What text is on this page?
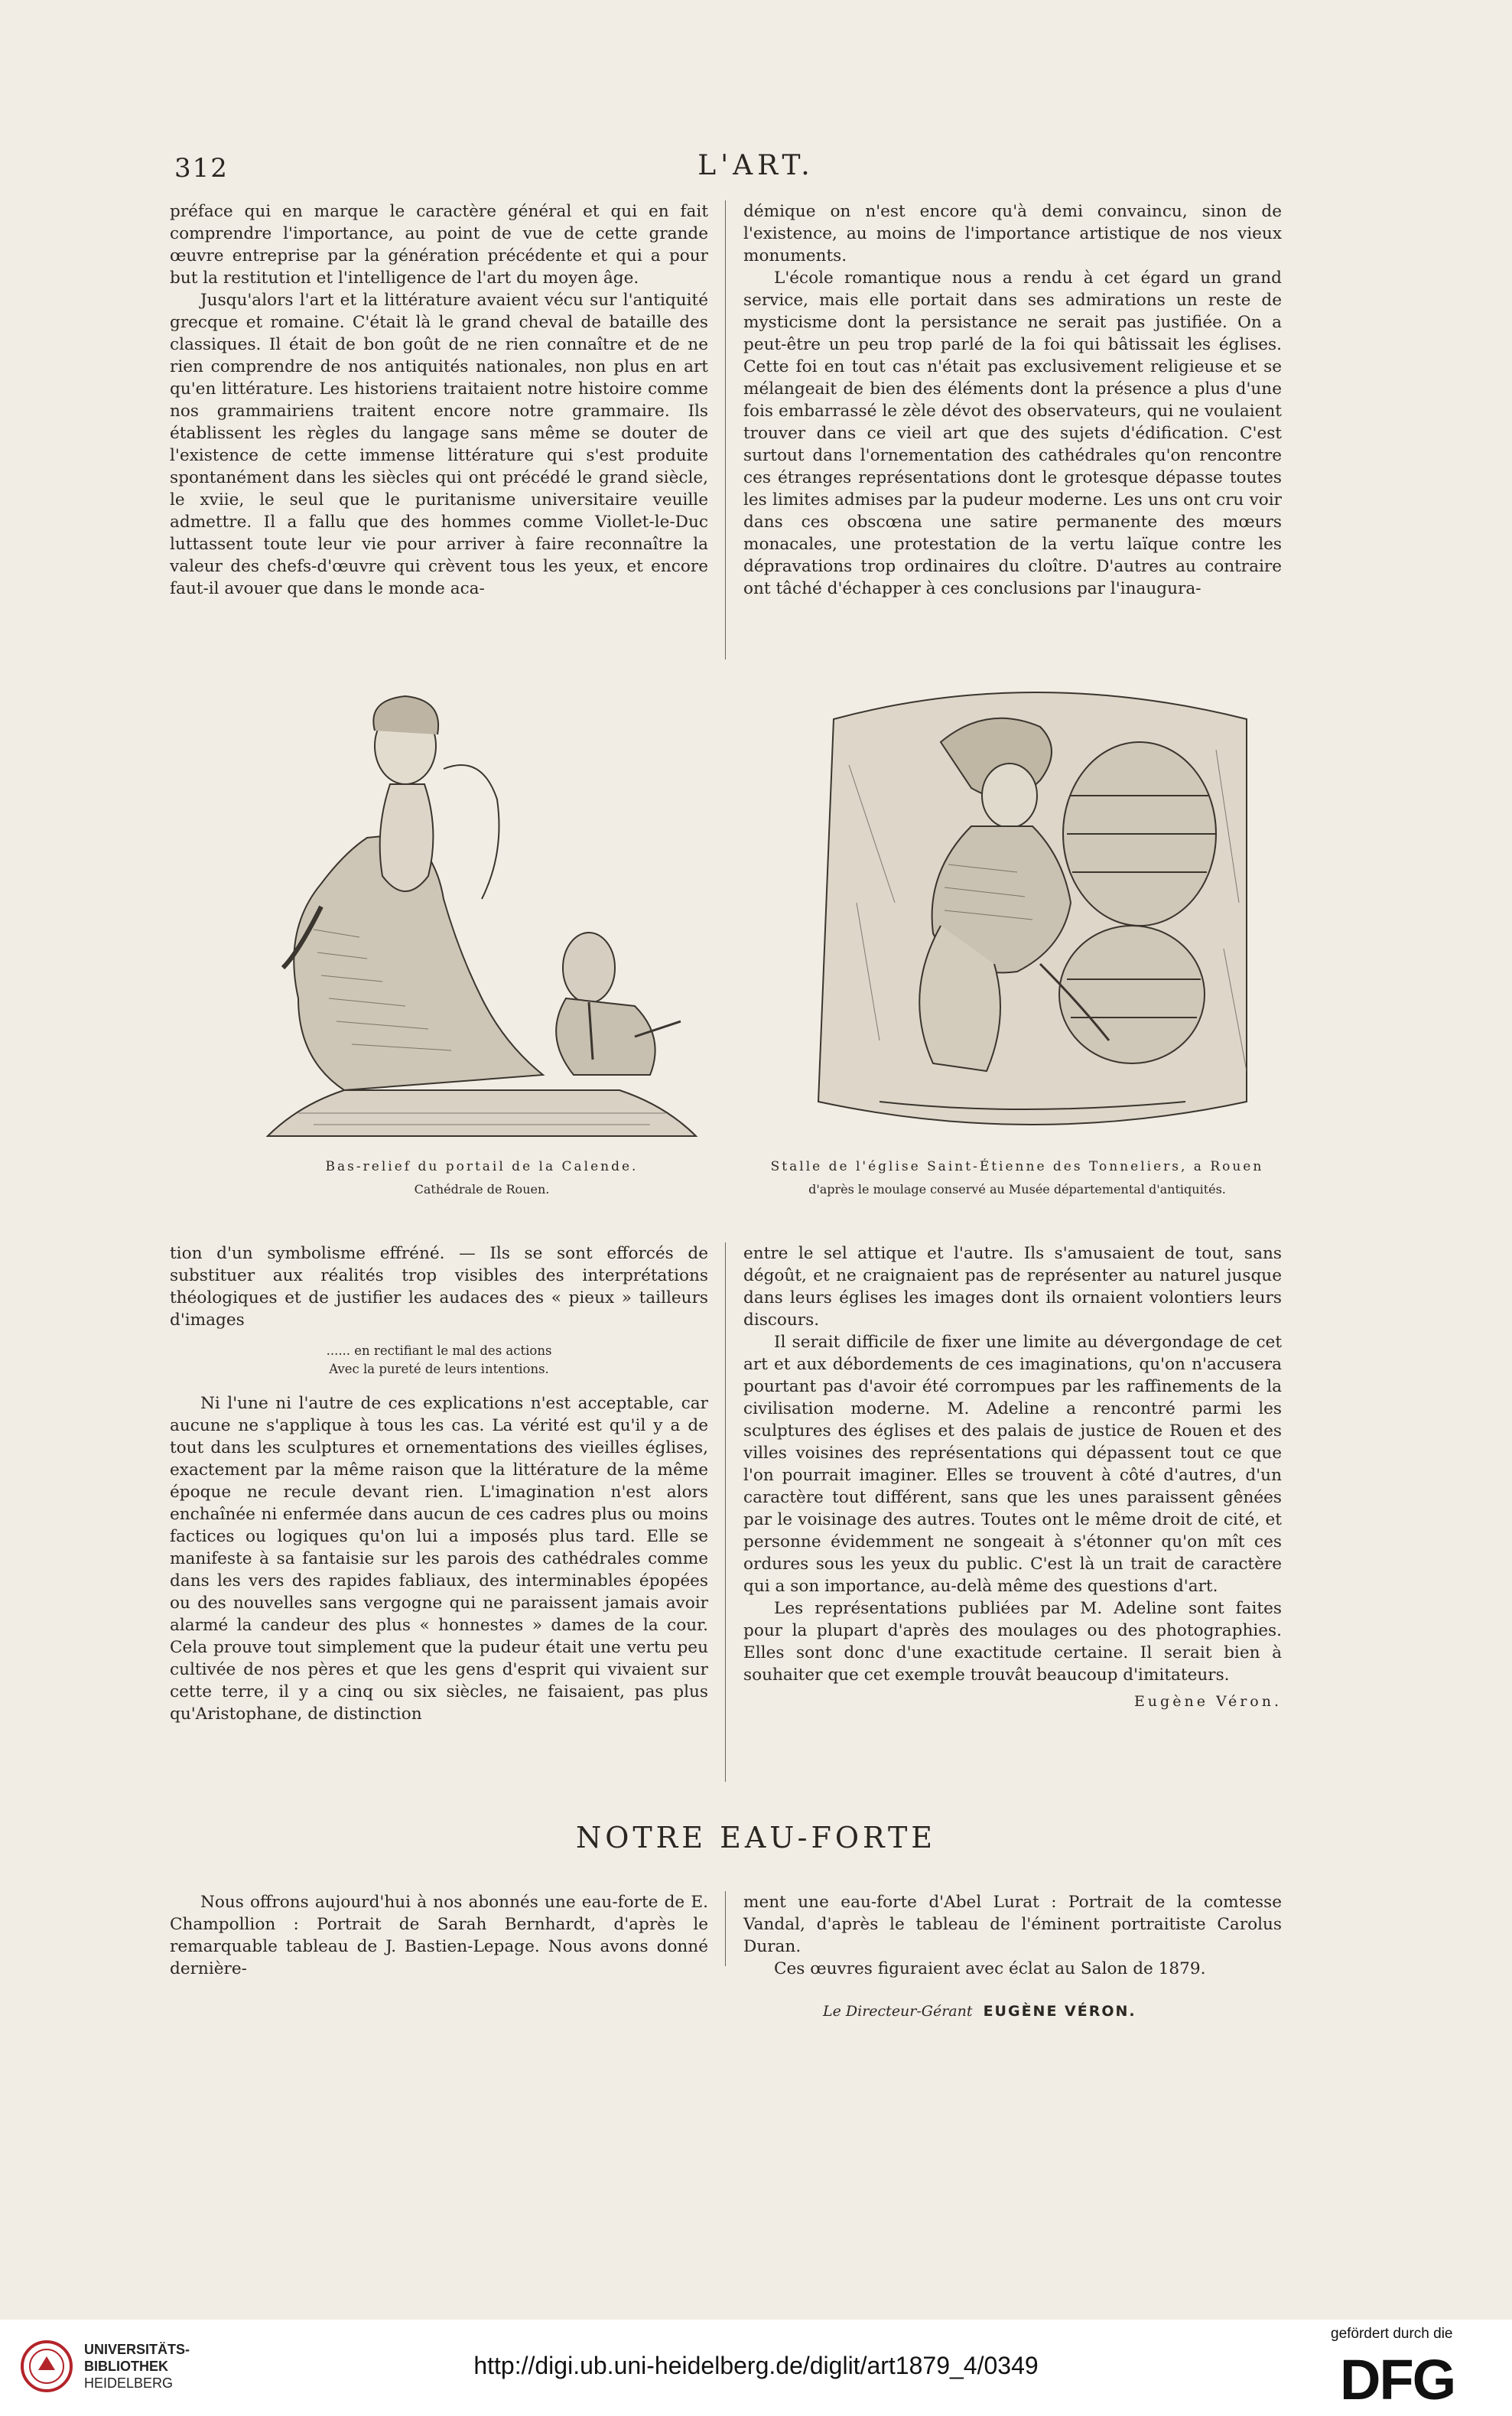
312	L'ART.

préface qui en marque le caractère général et qui en fait comprendre l'importance, au point de vue de cette grande œuvre entreprise par la génération précédente et qui a pour but la restitution et l'intelligence de l'art du moyen âge.

Jusqu'alors l'art et la littérature avaient vécu sur l'antiquité grecque et romaine. C'était là le grand cheval de bataille des classiques. Il était de bon goût de ne rien connaître et de ne rien comprendre de nos antiquités nationales, non plus en art qu'en littérature. Les historiens traitaient notre histoire comme nos grammairiens traitent encore notre grammaire. Ils établissent les règles du langage sans même se douter de l'existence de cette immense littérature qui s'est produite spontanément dans les siècles qui ont précédé le grand siècle, le xviie, le seul que le puritanisme universitaire veuille admettre. Il a fallu que des hommes comme Viollet-le-Duc luttassent toute leur vie pour arriver à faire reconnaître la valeur des chefs-d'œuvre qui crèvent tous les yeux, et encore faut-il avouer que dans le monde aca-

démique on n'est encore qu'à demi convaincu, sinon de l'existence, au moins de l'importance artistique de nos vieux monuments.

L'école romantique nous a rendu à cet égard un grand service, mais elle portait dans ses admirations un reste de mysticisme dont la persistance ne serait pas justifiée. On a peut-être un peu trop parlé de la foi qui bâtissait les églises. Cette foi en tout cas n'était pas exclusivement religieuse et se mélangeait de bien des éléments dont la présence a plus d'une fois embarrassé le zèle dévot des observateurs, qui ne voulaient trouver dans ce vieil art que des sujets d'édification. C'est surtout dans l'ornementation des cathédrales qu'on rencontre ces étranges représentations dont le grotesque dépasse toutes les limites admises par la pudeur moderne. Les uns ont cru voir dans ces obscœna une satire permanente des mœurs monacales, une protestation de la vertu laïque contre les dépravations trop ordinaires du cloître. D'autres au contraire ont tâché d'échapper à ces conclusions par l'inaugura-

Bas-relief du portail de la Calende.
Cathédrale de Rouen.
Stalle de l'église Saint-Étienne des Tonneliers, a Rouen
d'après le moulage conservé au Musée départemental d'antiquités.

tion d'un symbolisme effréné. — Ils se sont efforcés de substituer aux réalités trop visibles des interprétations théologiques et de justifier les audaces des « pieux » tailleurs d'images

...... en rectifiant le mal des actions
Avec la pureté de leurs intentions.

Ni l'une ni l'autre de ces explications n'est acceptable, car aucune ne s'applique à tous les cas. La vérité est qu'il y a de tout dans les sculptures et ornementations des vieilles églises, exactement par la même raison que la littérature de la même époque ne recule devant rien. L'imagination n'est alors enchaînée ni enfermée dans aucun de ces cadres plus ou moins factices ou logiques qu'on lui a imposés plus tard. Elle se manifeste à sa fantaisie sur les parois des cathédrales comme dans les vers des rapides fabliaux, des interminables épopées ou des nouvelles sans vergogne qui ne paraissent jamais avoir alarmé la candeur des plus « honnestes » dames de la cour. Cela prouve tout simplement que la pudeur était une vertu peu cultivée de nos pères et que les gens d'esprit qui vivaient sur cette terre, il y a cinq ou six siècles, ne faisaient, pas plus qu'Aristophane, de distinction

entre le sel attique et l'autre. Ils s'amusaient de tout, sans dégoût, et ne craignaient pas de représenter au naturel jusque dans leurs églises les images dont ils ornaient volontiers leurs discours.

Il serait difficile de fixer une limite au dévergondage de cet art et aux débordements de ces imaginations, qu'on n'accusera pourtant pas d'avoir été corrompues par les raffinements de la civilisation moderne. M. Adeline a rencontré parmi les sculptures des églises et des palais de justice de Rouen et des villes voisines des représentations qui dépassent tout ce que l'on pourrait imaginer. Elles se trouvent à côté d'autres, d'un caractère tout différent, sans que les unes paraissent gênées par le voisinage des autres. Toutes ont le même droit de cité, et personne évidemment ne songeait à s'étonner qu'on mît ces ordures sous les yeux du public. C'est là un trait de caractère qui a son importance, au-delà même des questions d'art.

Les représentations publiées par M. Adeline sont faites pour la plupart d'après des moulages ou des photographies. Elles sont donc d'une exactitude certaine. Il serait bien à souhaiter que cet exemple trouvât beaucoup d'imitateurs.

Eugène Véron.
NOTRE EAU-FORTE

Nous offrons aujourd'hui à nos abonnés une eau-forte de E. Champollion : Portrait de Sarah Bernhardt, d'après le remarquable tableau de J. Bastien-Lepage. Nous avons donné dernière-

ment une eau-forte d'Abel Lurat : Portrait de la comtesse Vandal, d'après le tableau de l'éminent portraitiste Carolus Duran.

Ces œuvres figuraient avec éclat au Salon de 1879.

Le Directeur-Gérant EUGÈNE VÉRON.
UNIVERSITÄTS-
BIBLIOTHEK
HEIDELBERG
http://digi.ub.uni-heidelberg.de/diglit/art1879_4/0349
gefördert durch die
DFG
